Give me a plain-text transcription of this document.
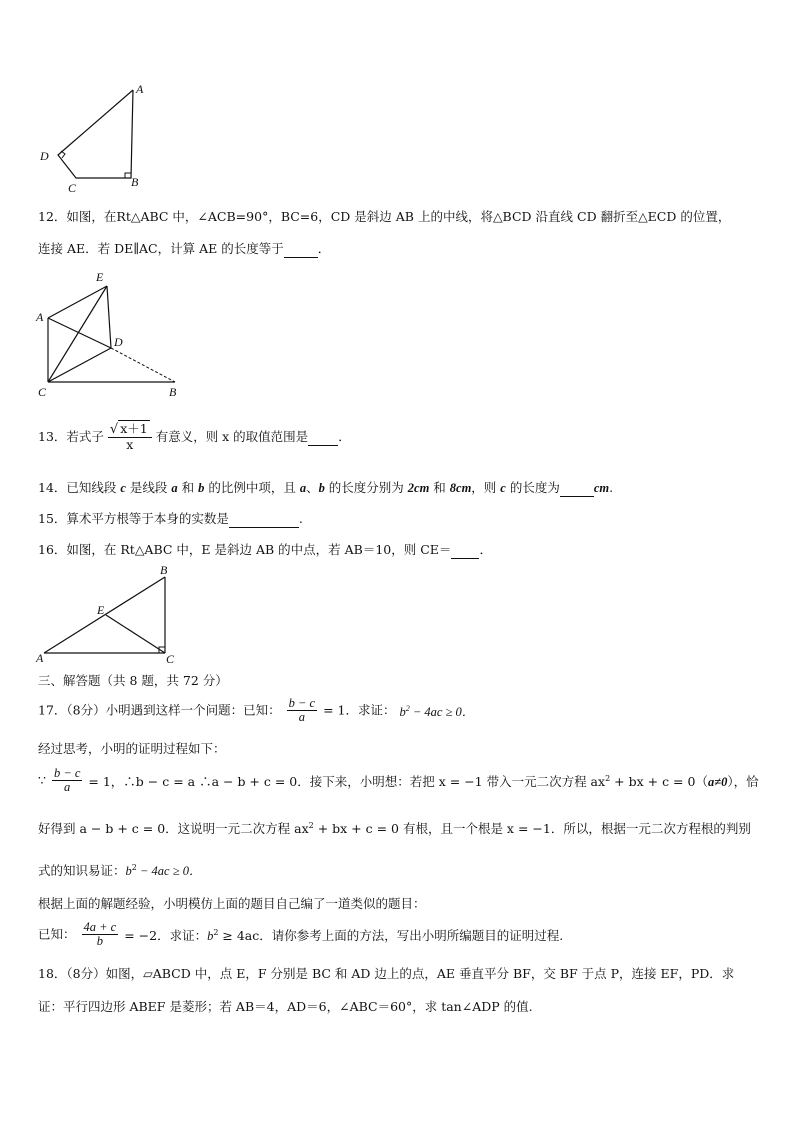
A
D
C	B
12．如图，在Rt△ABC 中，∠ACB=90°，BC=6，CD 是斜边 AB 上的中线，将△BCD 沿直线 CD 翻折至△ECD 的位置，
连接 AE．若 DE∥AC，计算 AE 的长度等于	．
E
A
D
C	B
13．若式子 $\frac{√ x+1}{x}$ 有意义，则 x 的取值范围是 ．
14．已知线段 c 是线段 a 和 b 的比例中项，且 a、b 的长度分别为 2cm 和 8cm，则 c 的长度为	cm.
15．算术平方根等于本身的实数是	.
16．如图，在 Rt△ABC 中，E 是斜边 AB 的中点，若 AB＝10，则 CE＝ ．
B
E
A	C
三、解答题（共 8 题，共 72 分）
17．（8分）小明遇到这样一个问题：已知： $\frac{b - c}{a} = 1$．求证： $b^2 - 4ac \ge 0$．
经过思考，小明的证明过程如下：
∵ $\frac{b - c}{a} = 1$，∴b − c = a ∴a − b + c = 0．接下来，小明想：若把 x = −1 带入一元二次方程 $ax^2$ + bx + c = 0（a≠0），恰
好得到 a − b + c = 0．这说明一元二次方程 $ax^2$ + bx + c = 0 有根，且一个根是 x = −1．所以，根据一元二次方程根的判别
式的知识易证：$b^2 - 4ac \ge 0$．
根据上面的解题经验，小明模仿上面的题目自己编了一道类似的题目：
已知： $\frac{4a + c}{b} = -2$．求证：$b^2 \ge 4ac$．请你参考上面的方法，写出小明所编题目的证明过程.
18．（8分）如图，▱ABCD 中，点 E，F 分别是 BC 和 AD 边上的点，AE 垂直平分 BF，交 BF 于点 P，连接 EF，PD．求
证：平行四边形 ABEF 是菱形；若 AB＝4，AD＝6，∠ABC＝60°，求 tan∠ADP 的值.
